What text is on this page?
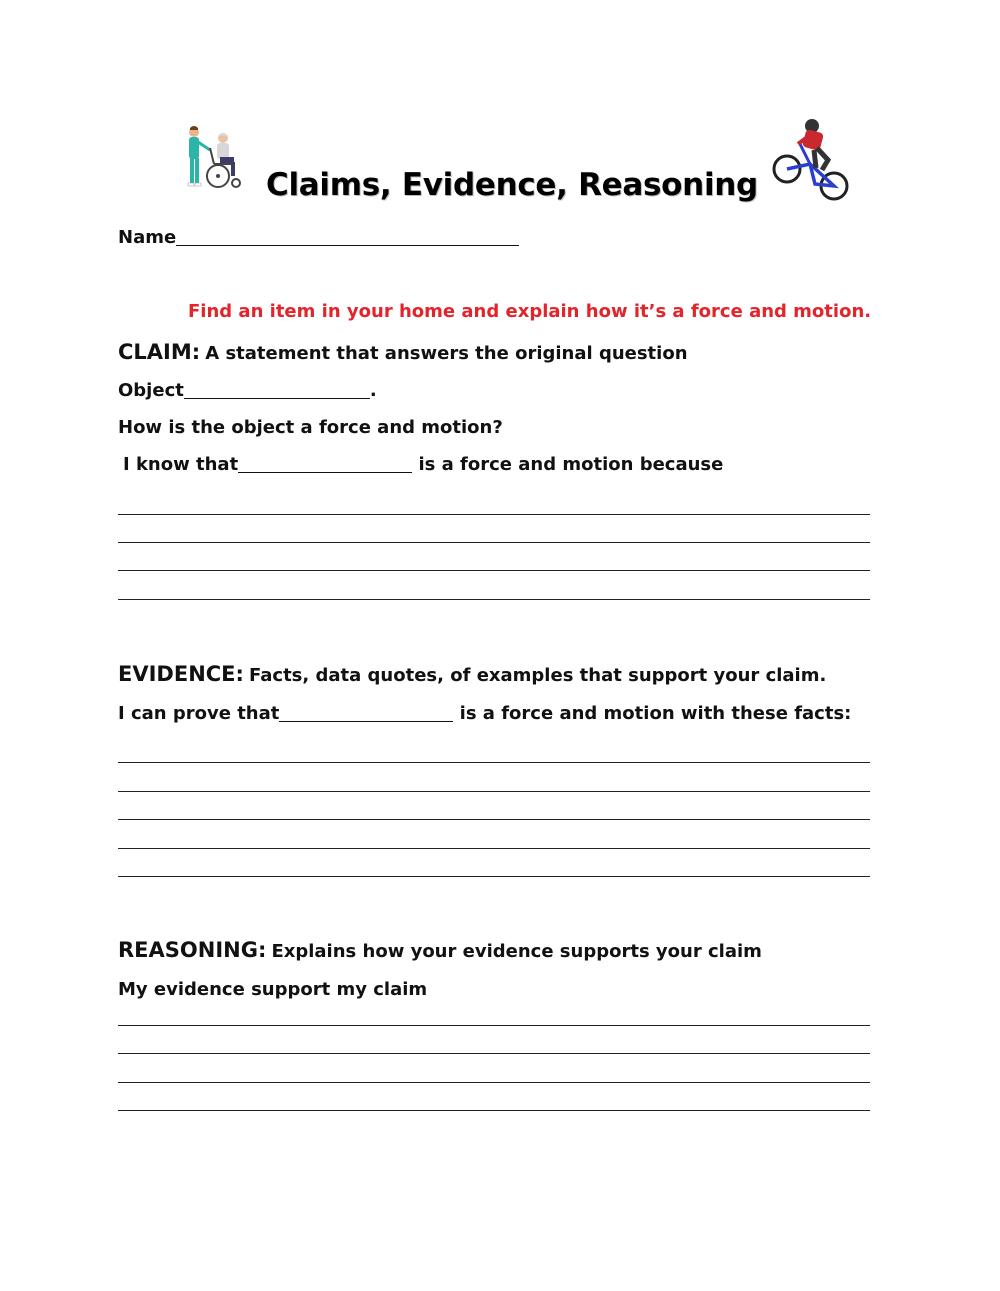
Claims, Evidence, Reasoning
Name
Find an item in your home and explain how it’s a force and motion.
CLAIM: A statement that answers the original question
Object	.
How is the object a force and motion?
I know that	is a force and motion because
EVIDENCE: Facts, data quotes, of examples that support your claim.
I can prove that	is a force and motion with these facts:
REASONING: Explains how your evidence supports your claim
My evidence support my claim
